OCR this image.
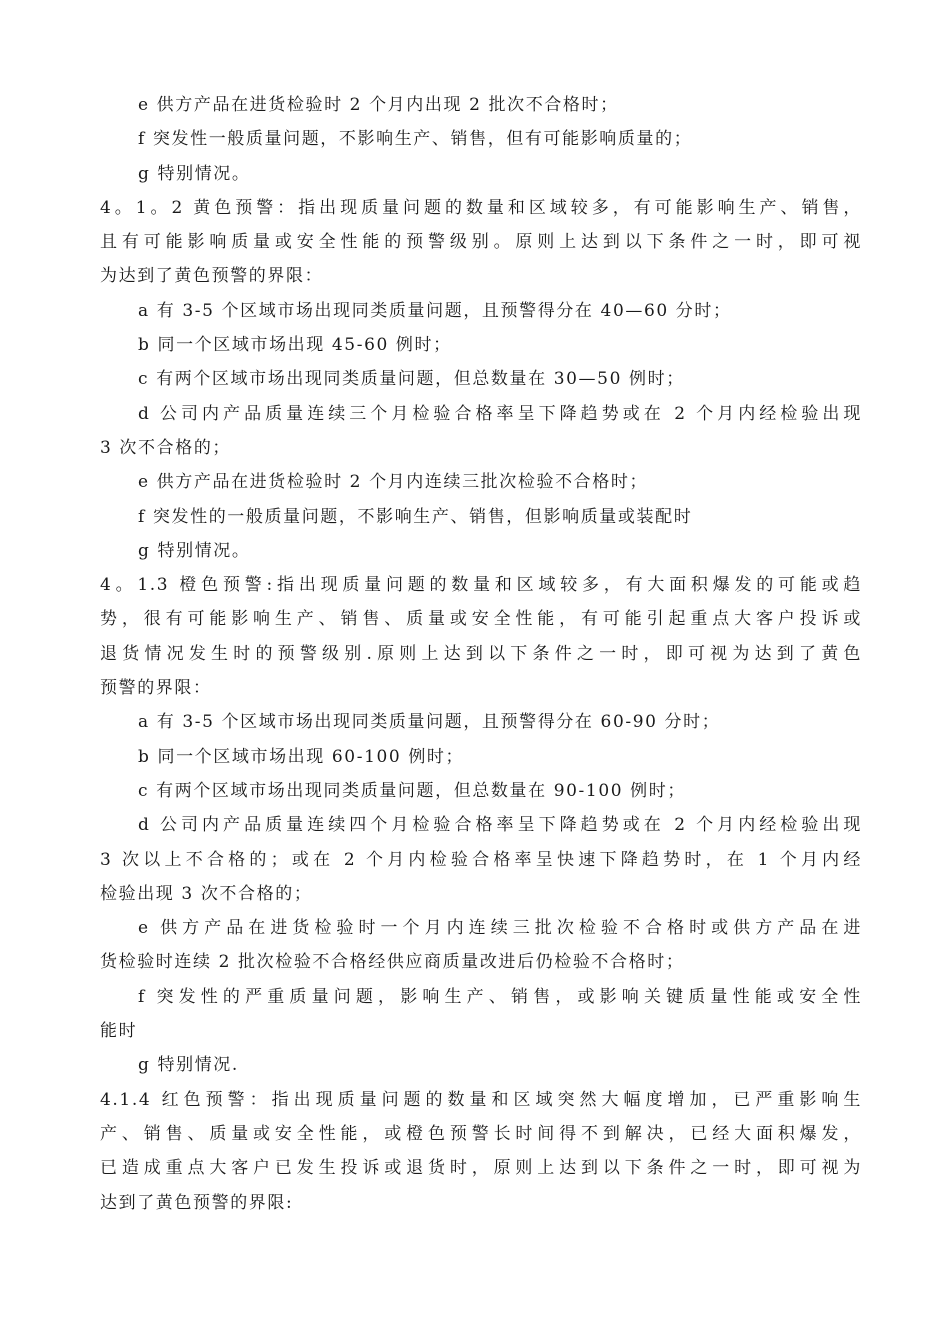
e 供方产品在进货检验时 2 个月内出现 2 批次不合格时；
f 突发性一般质量问题，不影响生产、销售，但有可能影响质量的；
g 特别情况。
4。1。2 黄色预警：指出现质量问题的数量和区域较多，有可能影响生产、销售，
且有可能影响质量或安全性能的预警级别。原则上达到以下条件之一时，即可视
为达到了黄色预警的界限：
a 有 3-5 个区域市场出现同类质量问题，且预警得分在 40—60 分时；
b 同一个区域市场出现 45-60 例时；
c 有两个区域市场出现同类质量问题，但总数量在 30—50 例时；
d 公司内产品质量连续三个月检验合格率呈下降趋势或在 2 个月内经检验出现
3 次不合格的；
e 供方产品在进货检验时 2 个月内连续三批次检验不合格时；
f 突发性的一般质量问题，不影响生产、销售，但影响质量或装配时
g 特别情况。
4。1.3 橙色预警:指出现质量问题的数量和区域较多，有大面积爆发的可能或趋
势，很有可能影响生产、销售、质量或安全性能，有可能引起重点大客户投诉或
退货情况发生时的预警级别.原则上达到以下条件之一时，即可视为达到了黄色
预警的界限：
a 有 3-5 个区域市场出现同类质量问题，且预警得分在 60-90 分时；
b 同一个区域市场出现 60-100 例时；
c 有两个区域市场出现同类质量问题，但总数量在 90-100 例时；
d 公司内产品质量连续四个月检验合格率呈下降趋势或在 2 个月内经检验出现
3 次以上不合格的；或在 2 个月内检验合格率呈快速下降趋势时，在 1 个月内经
检验出现 3 次不合格的；
e 供方产品在进货检验时一个月内连续三批次检验不合格时或供方产品在进
货检验时连续 2 批次检验不合格经供应商质量改进后仍检验不合格时；
f 突发性的严重质量问题，影响生产、销售，或影响关键质量性能或安全性
能时
g 特别情况.
4.1.4 红色预警：指出现质量问题的数量和区域突然大幅度增加，已严重影响生
产、销售、质量或安全性能，或橙色预警长时间得不到解决，已经大面积爆发，
已造成重点大客户已发生投诉或退货时，原则上达到以下条件之一时，即可视为
达到了黄色预警的界限:
